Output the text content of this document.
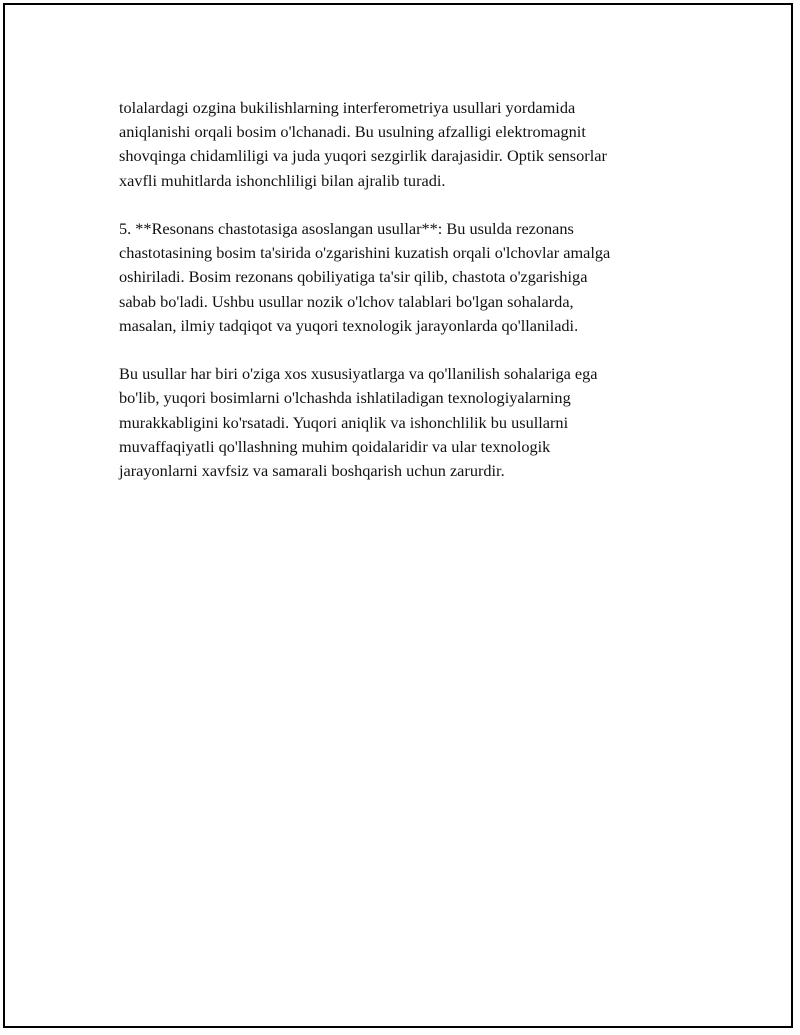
tolalardagi ozgina bukilishlarning interferometriya usullari yordamida
aniqlanishi orqali bosim o'lchanadi. Bu usulning afzalligi elektromagnit
shovqinga chidamliligi va juda yuqori sezgirlik darajasidir. Optik sensorlar
xavfli muhitlarda ishonchliligi bilan ajralib turadi.

5. **Resonans chastotasiga asoslangan usullar**: Bu usulda rezonans
chastotasining bosim ta'sirida o'zgarishini kuzatish orqali o'lchovlar amalga
oshiriladi. Bosim rezonans qobiliyatiga ta'sir qilib, chastota o'zgarishiga
sabab bo'ladi. Ushbu usullar nozik o'lchov talablari bo'lgan sohalarda,
masalan, ilmiy tadqiqot va yuqori texnologik jarayonlarda qo'llaniladi.

Bu usullar har biri o'ziga xos xususiyatlarga va qo'llanilish sohalariga ega
bo'lib, yuqori bosimlarni o'lchashda ishlatiladigan texnologiyalarning
murakkabligini ko'rsatadi. Yuqori aniqlik va ishonchlilik bu usullarni
muvaffaqiyatli qo'llashning muhim qoidalaridir va ular texnologik
jarayonlarni xavfsiz va samarali boshqarish uchun zarurdir.
